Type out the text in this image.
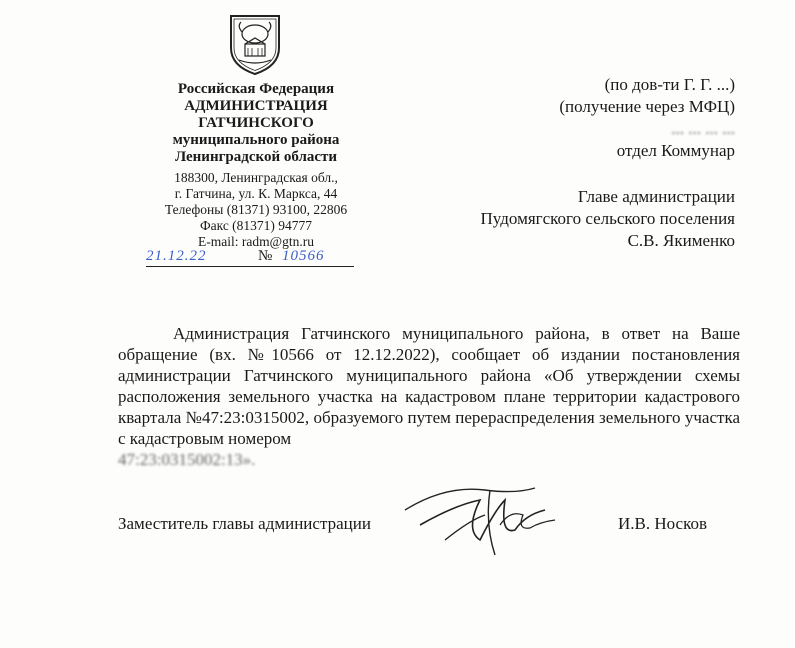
Российская Федерация
АДМИНИСТРАЦИЯ
ГАТЧИНСКОГО
муниципального района
Ленинградской области
188300, Ленинградская обл.,
г. Гатчина, ул. К. Маркса, 44
Телефоны (81371) 93100, 22806
Факс (81371) 94777
E-mail: radm@gtn.ru
21.12.22	№ 10566
(по дов-ти Г. Г. ...)
(получение через МФЦ)
... ... ... ...
отдел Коммунар
Главе администрации
Пудомягского сельского поселения
С.В. Якименко
Администрация Гатчинского муниципального района, в ответ на Ваше обращение (вх. №10566 от 12.12.2022), сообщает об издании постановления администрации Гатчинского муниципального района «Об утверждении схемы расположения земельного участка на кадастровом плане территории кадастрового квартала №47:23:0315002, образуемого путем перераспределения земельного участка с кадастровым номером
47:23:0315002:13».
Заместитель главы администрации	И.В. Носков
